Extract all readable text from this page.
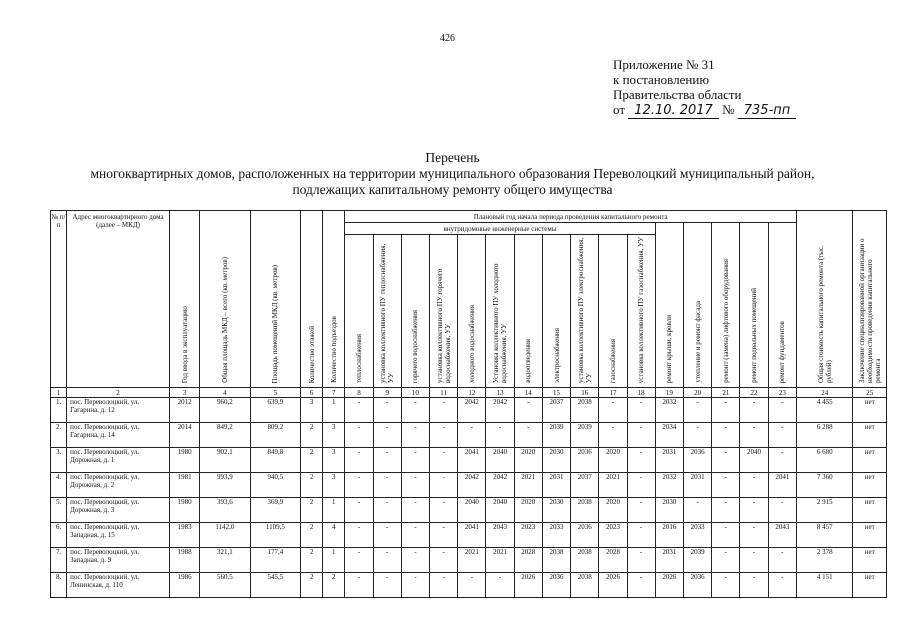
426
Приложение № 31
к постановлению
Правительства области
от 12.10. 2017 № 735-пп
Перечень
многоквартирных домов, расположенных на территории муниципального образования Переволоцкий муниципальный район,
подлежащих капитальному ремонту общего имущества
№ п/п	Адрес многоквартирного дома (далее – МКД)	Год ввода в эксплуатацию	Общая площадь МКД – всего (кв. метров)	Площадь помещений МКД (кв. метров)	Количество этажей	Количество подъездов	Плановый год начала периода проведения капитального ремонта																Общая стоимость капитального ремонта (тыс. рублей)	Заключение специализированной организации о необходимости проведения капитального ремонта
							внутридомовые инженерные системы											ремонт крыши, кровли	утепление и ремонт фасада	ремонт (замена) лифтового оборудования	ремонт подвальных помещений	ремонт фундаментов		
							теплоснабжения	установка коллективного ПУ теплоснабжения, УУ	горячего водоснабжения	установка коллективного ПУ горячего водоснабжения, УУ	холодного водоснабжения	Установка коллективного ПУ холодного водоснабжения, УУ	водоотведения	электроснабжения	установка коллективного ПУ электроснабжения, УУ	газоснабжения	установка коллективного ПУ газоснабжения, УУ							
1	2	3	4	5	6	7	8	9	10	11	12	13	14	15	16	17	18	19	20	21	22	23	24	25
1.	пос. Переволоцкий, ул. Гагарина, д. 12	2012	960,2	639,9	3	1	-	-	-	-	2042	2042	-	2037	2038	-	-	2032	-	-	-	-	4 455	нет
2.	пос. Переволоцкий, ул. Гагарина, д. 14	2014	849,2	809,2	2	3	-	-	-	-	-	-	-	2039	2039	-	-	2034	-	-	-	-	6 288	нет
3.	пос. Переволоцкий, ул. Дорожная, д. 1	1980	902,1	849,8	2	3	-	-	-	-	2041	2040	2020	2030	2036	2020	-	2031	2036	-	2040	-	6 680	нет
4.	пос. Переволоцкий, ул. Дорожная, д. 2	1981	993,9	940,5	2	3	-	-	-	-	2042	2042	2021	2031	2037	2021	-	2032	2031	-	-	2041	7 360	нет
5.	пос. Переволоцкий, ул. Дорожная, д. 3	1980	393,6	369,9	2	1	-	-	-	-	2040	2040	2020	2030	2038	2020	-	2030	-	-	-	-	2 915	нет
6.	пос. Переволоцкий, ул. Западная, д. 15	1983	1142,0	1109,5	2	4	-	-	-	-	2041	2043	2023	2033	2036	2023	-	2016	2033	-	-	2043	8 457	нет
7.	пос. Переволоцкий, ул. Западная, д. 9	1988	321,1	177,4	2	1	-	-	-	-	2021	2021	2028	2038	2038	2028	-	2031	2039	-	-	-	2 378	нет
8.	пос. Переволоцкий, ул. Ленинская, д. 110	1986	560,5	545,5	2	2	-	-	-	-	-	-	2026	2036	2038	2026	-	2026	2036	-	-	-	4 151	нет
